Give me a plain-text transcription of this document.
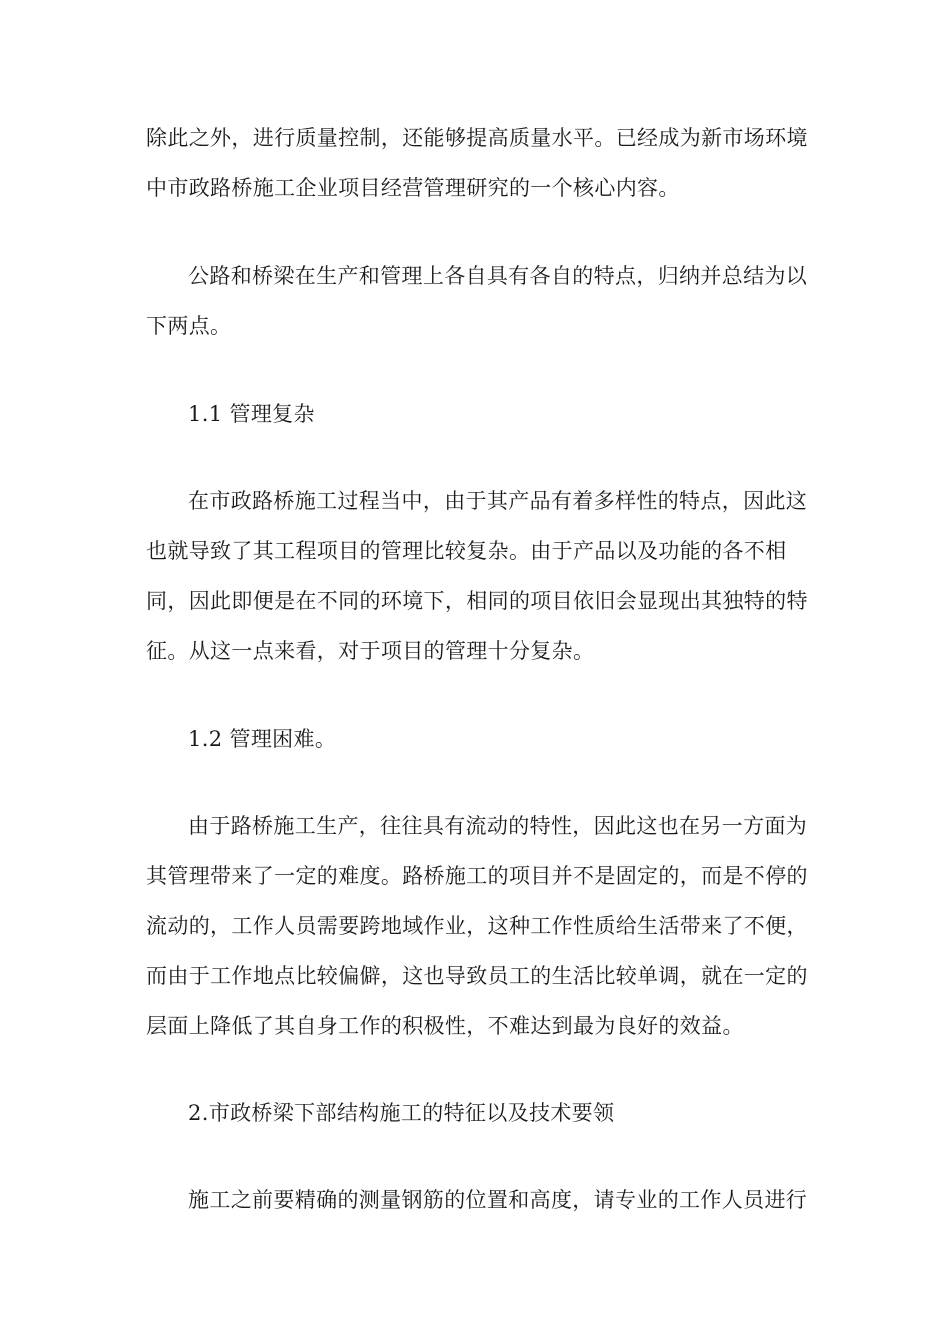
除此之外，进行质量控制，还能够提高质量水平。已经成为新市场环境
中市政路桥施工企业项目经营管理研究的一个核心内容。
公路和桥梁在生产和管理上各自具有各自的特点，归纳并总结为以
下两点。
1.1 管理复杂
在市政路桥施工过程当中，由于其产品有着多样性的特点，因此这
也就导致了其工程项目的管理比较复杂。由于产品以及功能的各不相
同，因此即便是在不同的环境下，相同的项目依旧会显现出其独特的特
征。从这一点来看，对于项目的管理十分复杂。
1.2 管理困难。
由于路桥施工生产，往往具有流动的特性，因此这也在另一方面为
其管理带来了一定的难度。路桥施工的项目并不是固定的，而是不停的
流动的，工作人员需要跨地域作业，这种工作性质给生活带来了不便，
而由于工作地点比较偏僻，这也导致员工的生活比较单调，就在一定的
层面上降低了其自身工作的积极性，不难达到最为良好的效益。
2.市政桥梁下部结构施工的特征以及技术要领
施工之前要精确的测量钢筋的位置和高度，请专业的工作人员进行
